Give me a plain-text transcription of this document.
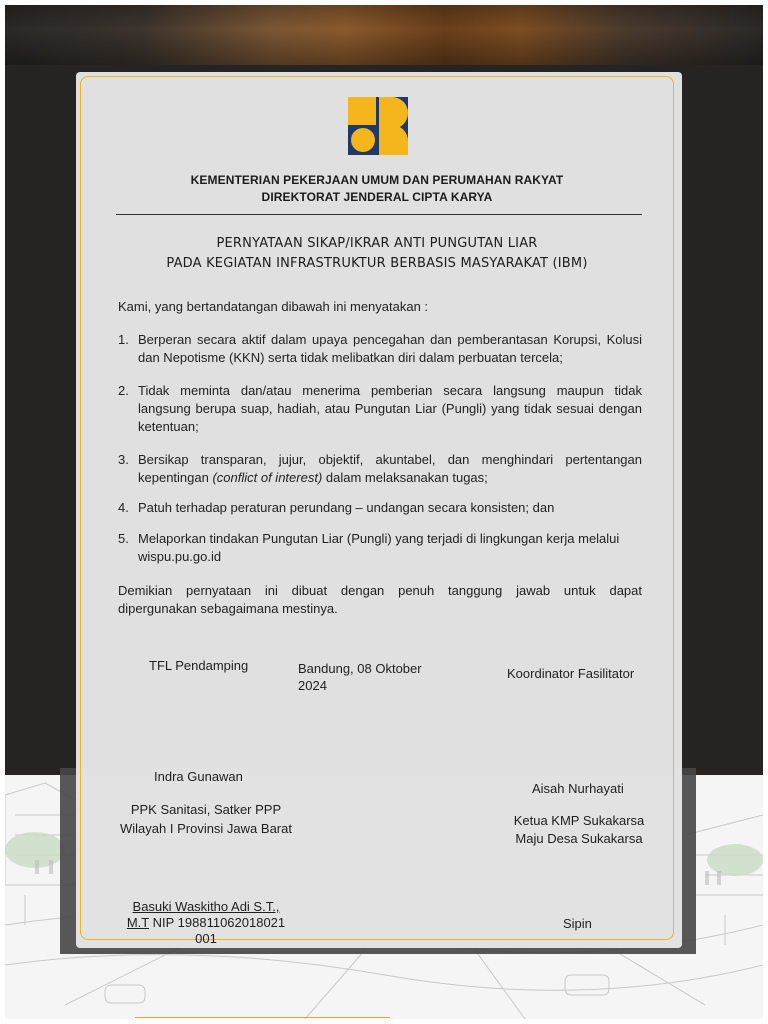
KEMENTERIAN PEKERJAAN UMUM DAN PERUMAHAN RAKYAT
DIREKTORAT JENDERAL CIPTA KARYA
PERNYATAAN SIKAP/IKRAR ANTI PUNGUTAN LIAR
PADA KEGIATAN INFRASTRUKTUR BERBASIS MASYARAKAT (IBM)
Kami, yang bertandatangan dibawah ini menyatakan :
1. Berperan secara aktif dalam upaya pencegahan dan pemberantasan Korupsi, Kolusi
dan Nepotisme (KKN) serta tidak melibatkan diri dalam perbuatan tercela;
2. Tidak meminta dan/atau menerima pemberian secara langsung maupun tidak
langsung berupa suap, hadiah, atau Pungutan Liar (Pungli) yang tidak sesuai dengan
ketentuan;
3. Bersikap transparan, jujur, objektif, akuntabel, dan menghindari pertentangan
kepentingan (conflict of interest) dalam melaksanakan tugas;
4. Patuh terhadap peraturan perundang – undangan secara konsisten; dan
5. Melaporkan tindakan Pungutan Liar (Pungli) yang terjadi di lingkungan kerja melalui
wispu.pu.go.id
Demikian pernyataan ini dibuat dengan penuh tanggung jawab untuk dapat
dipergunakan sebagaimana mestinya.
TFL Pendamping	Bandung, 08 Oktober
2024
Koordinator Fasilitator
Indra Gunawan
Aisah Nurhayati
PPK Sanitasi, Satker PPP
Wilayah I Provinsi Jawa Barat
Ketua KMP Sukakarsa
Maju Desa Sukakarsa
Basuki Waskitho Adi S.T.,
M.T NIP 198811062018021
001
Sipin
